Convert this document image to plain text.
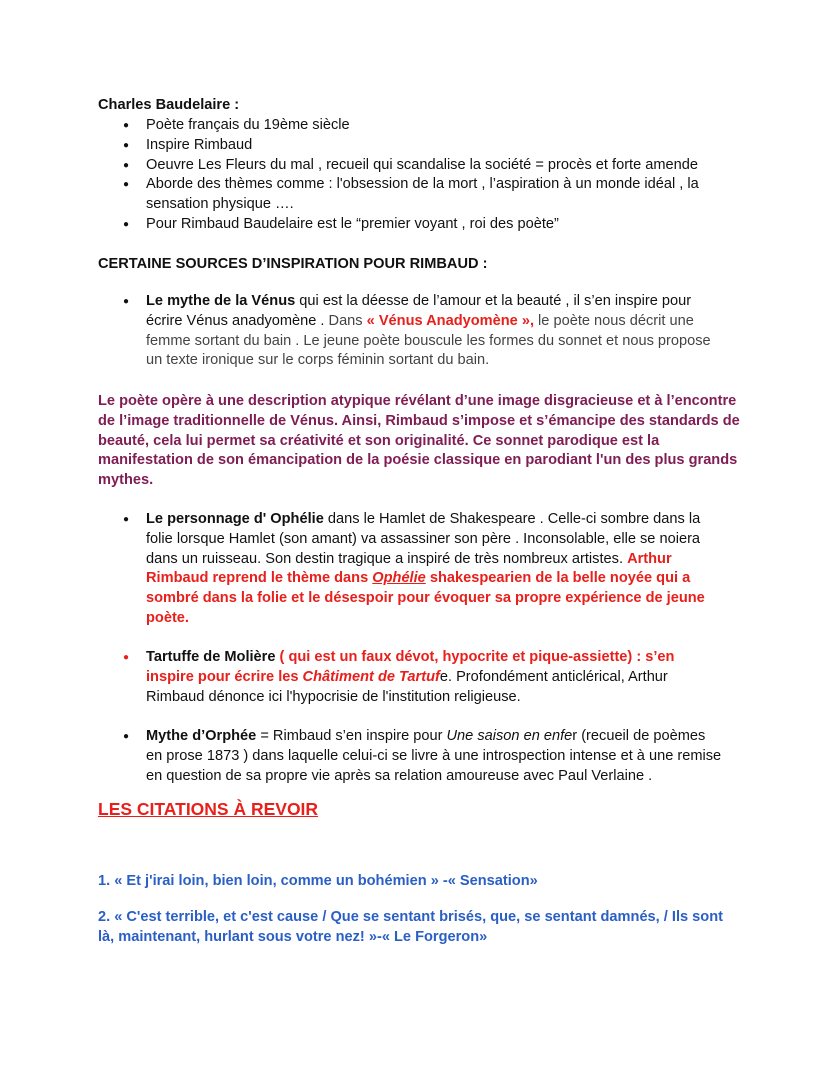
Charles Baudelaire :
● Poète français du 19ème siècle
● Inspire Rimbaud
● Oeuvre Les Fleurs du mal , recueil qui scandalise la société = procès et forte amende
● Aborde des thèmes comme : l'obsession de la mort , l’aspiration à un monde idéal , la sensation physique ….
● Pour Rimbaud Baudelaire est le “premier voyant , roi des poète”
CERTAINE SOURCES D’INSPIRATION POUR RIMBAUD :
● Le mythe de la Vénus qui est la déesse de l’amour et la beauté , il s’en inspire pour écrire Vénus anadyomène . Dans « Vénus Anadyomène », le poète nous décrit une femme sortant du bain . Le jeune poète bouscule les formes du sonnet et nous propose un texte ironique sur le corps féminin sortant du bain.
Le poète opère à une description atypique révélant d’une image disgracieuse et à l’encontre de l’image traditionnelle de Vénus. Ainsi, Rimbaud s’impose et s’émancipe des standards de beauté, cela lui permet sa créativité et son originalité. Ce sonnet parodique est la manifestation de son émancipation de la poésie classique en parodiant l'un des plus grands mythes.
● Le personnage d' Ophélie dans le Hamlet de Shakespeare . Celle-ci sombre dans la folie lorsque Hamlet (son amant) va assassiner son père . Inconsolable, elle se noiera dans un ruisseau. Son destin tragique a inspiré de très nombreux artistes. Arthur Rimbaud reprend le thème dans Ophélie shakespearien de la belle noyée qui a sombré dans la folie et le désespoir pour évoquer sa propre expérience de jeune poète.
● Tartuffe de Molière ( qui est un faux dévot, hypocrite et pique-assiette) : s’en inspire pour écrire les Châtiment de Tartufe. Profondément anticlérical, Arthur Rimbaud dénonce ici l'hypocrisie de l'institution religieuse.
● Mythe d’Orphée = Rimbaud s’en inspire pour Une saison en enfer (recueil de poèmes en prose 1873 ) dans laquelle celui-ci se livre à une introspection intense et à une remise en question de sa propre vie après sa relation amoureuse avec Paul Verlaine .
LES CITATIONS À REVOIR
1. « Et j'irai loin, bien loin, comme un bohémien » -« Sensation»
2. « C'est terrible, et c'est cause / Que se sentant brisés, que, se sentant damnés, / Ils sont là, maintenant, hurlant sous votre nez! »-« Le Forgeron»
